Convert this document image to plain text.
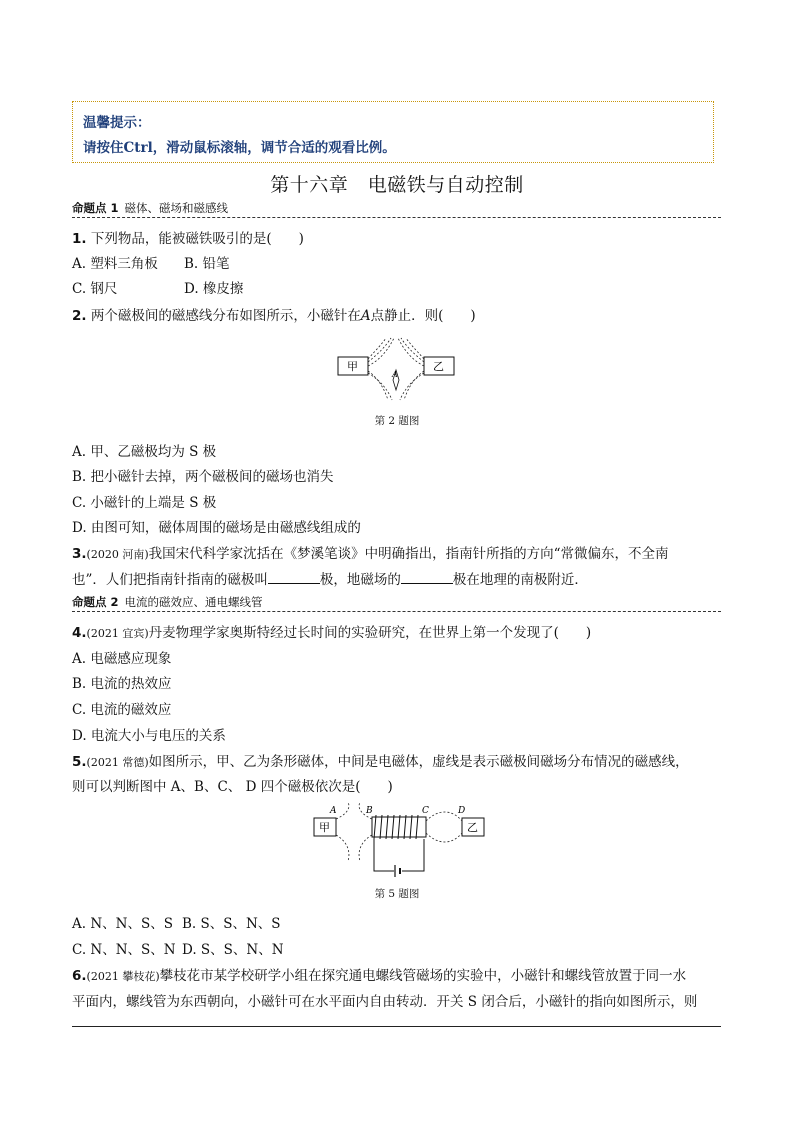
温馨提示：
请按住Ctrl，滑动鼠标滚轴，调节合适的观看比例。
第十六章　电磁铁与自动控制
命题点 1 磁体、磁场和磁感线
1. 下列物品，能被磁铁吸引的是(　　)
A. 塑料三角板 B. 铅笔
C. 钢尺	D. 橡皮擦
2. 两个磁极间的磁感线分布如图所示，小磁针在A点静止．则(　　)
甲	乙
A
第 2 题图
A. 甲、乙磁极均为 S 极
B. 把小磁针去掉，两个磁极间的磁场也消失
C. 小磁针的上端是 S 极
D. 由图可知，磁体周围的磁场是由磁感线组成的
3.(2020 河南)我国宋代科学家沈括在《梦溪笔谈》中明确指出，指南针所指的方向“常微偏东，不全南
也”．人们把指南针指南的磁极叫	极，地磁场的	极在地理的南极附近．
命题点 2 电流的磁效应、通电螺线管
4.(2021 宜宾)丹麦物理学家奥斯特经过长时间的实验研究，在世界上第一个发现了(　　)
A. 电磁感应现象
B. 电流的热效应
C. 电流的磁效应
D. 电流大小与电压的关系
5.(2021 常德)如图所示，甲、乙为条形磁体，中间是电磁体，虚线是表示磁极间磁场分布情况的磁感线，
则可以判断图中 A、B、C、 D 四个磁极依次是(　　)
甲
A
乙
D
B	C
第 5 题图
A. N、N、S、S B. S、S、N、S
C. N、N、S、N D. S、S、N、N
6.(2021 攀枝花)攀枝花市某学校研学小组在探究通电螺线管磁场的实验中，小磁针和螺线管放置于同一水
平面内，螺线管为东西朝向，小磁针可在水平面内自由转动．开关 S 闭合后，小磁针的指向如图所示，则
